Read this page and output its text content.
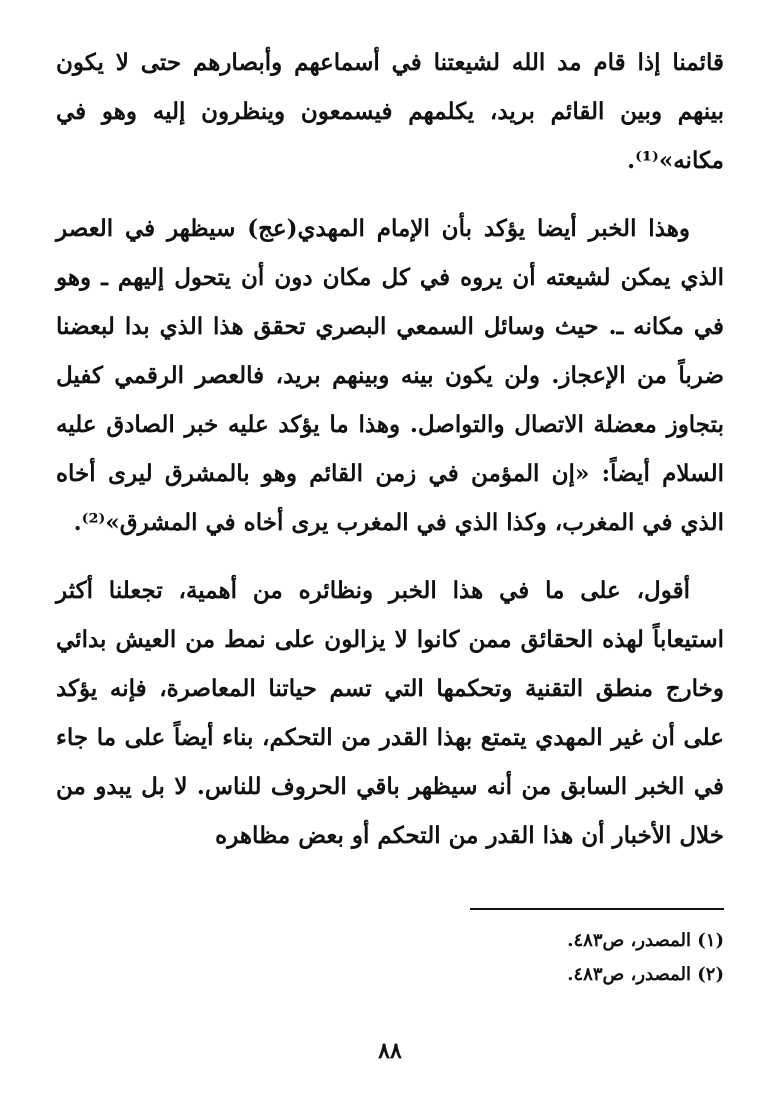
قائمنا إذا قام مد الله لشيعتنا في أسماعهم وأبصارهم حتى لا يكون بينهم وبين القائم بريد، يكلمهم فيسمعون وينظرون إليه وهو في مكانه»⁽¹⁾.

وهذا الخبر أيضا يؤكد بأن الإمام المهدي(عج) سيظهر في العصر الذي يمكن لشيعته أن يروه في كل مكان دون أن يتحول إليهم ـ وهو في مكانه ـ. حيث وسائل السمعي البصري تحقق هذا الذي بدا لبعضنا ضرباً من الإعجاز. ولن يكون بينه وبينهم بريد، فالعصر الرقمي كفيل بتجاوز معضلة الاتصال والتواصل. وهذا ما يؤكد عليه خبر الصادق عليه السلام أيضاً: «إن المؤمن في زمن القائم وهو بالمشرق ليرى أخاه الذي في المغرب، وكذا الذي في المغرب يرى أخاه في المشرق»⁽²⁾.

أقول، على ما في هذا الخبر ونظائره من أهمية، تجعلنا أكثر استيعاباً لهذه الحقائق ممن كانوا لا يزالون على نمط من العيش بدائي وخارج منطق التقنية وتحكمها التي تسم حياتنا المعاصرة، فإنه يؤكد على أن غير المهدي يتمتع بهذا القدر من التحكم، بناء أيضاً على ما جاء في الخبر السابق من أنه سيظهر باقي الحروف للناس. لا بل يبدو من خلال الأخبار أن هذا القدر من التحكم أو بعض مظاهره

(١) المصدر، ص٤٨٣.
(٢) المصدر، ص٤٨٣.
٨٨
